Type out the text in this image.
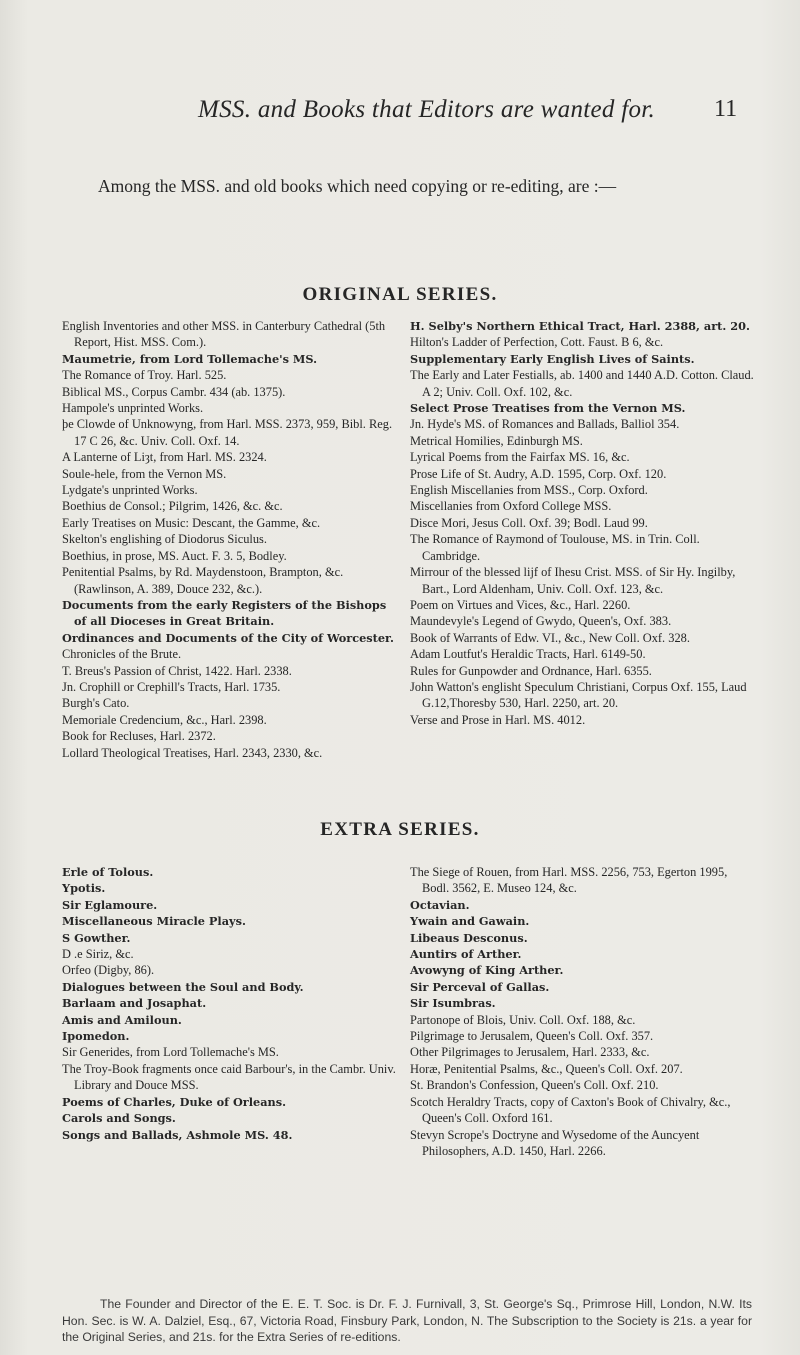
MSS. and Books that Editors are wanted for. 11
Among the MSS. and old books which need copying or re-editing, are :—
ORIGINAL SERIES.
English Inventories and other MSS. in Canterbury Cathedral (5th Report, Hist. MSS. Com.).
Maumetrie, from Lord Tollemache's MS.
The Romance of Troy. Harl. 525.
Biblical MS., Corpus Cambr. 434 (ab. 1375).
Hampole's unprinted Works.
þe Clowde of Unknowyng, from Harl. MSS. 2373, 959, Bibl. Reg. 17 C 26, &c. Univ. Coll. Oxf. 14.
A Lanterne of Liȝt, from Harl. MS. 2324.
Soule-hele, from the Vernon MS.
Lydgate's unprinted Works.
Boethius de Consol.; Pilgrim, 1426, &c. &c.
Early Treatises on Music: Descant, the Gamme, &c.
Skelton's englishing of Diodorus Siculus.
Boethius, in prose, MS. Auct. F. 3. 5, Bodley.
Penitential Psalms, by Rd. Maydenstoon, Brampton, &c. (Rawlinson, A. 389, Douce 232, &c.).
Documents from the early Registers of the Bishops of all Dioceses in Great Britain.
Ordinances and Documents of the City of Worcester.
Chronicles of the Brute.
T. Breus's Passion of Christ, 1422. Harl. 2338.
Jn. Crophill or Crephill's Tracts, Harl. 1735.
Burgh's Cato.
Memoriale Credencium, &c., Harl. 2398.
Book for Recluses, Harl. 2372.
Lollard Theological Treatises, Harl. 2343, 2330, &c.
H. Selby's Northern Ethical Tract, Harl. 2388, art. 20.
Hilton's Ladder of Perfection, Cott. Faust. B 6, &c.
Supplementary Early English Lives of Saints.
The Early and Later Festialls, ab. 1400 and 1440 A.D. Cotton. Claud. A 2; Univ. Coll. Oxf. 102, &c.
Select Prose Treatises from the Vernon MS.
Jn. Hyde's MS. of Romances and Ballads, Balliol 354.
Metrical Homilies, Edinburgh MS.
Lyrical Poems from the Fairfax MS. 16, &c.
Prose Life of St. Audry, A.D. 1595, Corp. Oxf. 120.
English Miscellanies from MSS., Corp. Oxford.
Miscellanies from Oxford College MSS.
Disce Mori, Jesus Coll. Oxf. 39; Bodl. Laud 99.
The Romance of Raymond of Toulouse, MS. in Trin. Coll. Cambridge.
Mirrour of the blessed lijf of Ihesu Crist. MSS. of Sir Hy. Ingilby, Bart., Lord Aldenham, Univ. Coll. Oxf. 123, &c.
Poem on Virtues and Vices, &c., Harl. 2260.
Maundevyle's Legend of Gwydo, Queen's, Oxf. 383.
Book of Warrants of Edw. VI., &c., New Coll. Oxf. 328.
Adam Loutfut's Heraldic Tracts, Harl. 6149-50.
Rules for Gunpowder and Ordnance, Harl. 6355.
John Watton's englisht Speculum Christiani, Corpus Oxf. 155, Laud G.12,Thoresby 530, Harl. 2250, art. 20.
Verse and Prose in Harl. MS. 4012.
EXTRA SERIES.
Erle of Tolous.
Ypotis.
Sir Eglamoure.
Miscellaneous Miracle Plays.
S Gowther.
D .e Siriz, &c.
Orfeo (Digby, 86).
Dialogues between the Soul and Body.
Barlaam and Josaphat.
Amis and Amiloun.
Ipomedon.
Sir Generides, from Lord Tollemache's MS.
The Troy-Book fragments once caid Barbour's, in the Cambr. Univ. Library and Douce MSS.
Poems of Charles, Duke of Orleans.
Carols and Songs.
Songs and Ballads, Ashmole MS. 48.
The Siege of Rouen, from Harl. MSS. 2256, 753, Egerton 1995, Bodl. 3562, E. Museo 124, &c.
Octavian.
Ywain and Gawain.
Libeaus Desconus.
Auntirs of Arther.
Avowyng of King Arther.
Sir Perceval of Gallas.
Sir Isumbras.
Partonope of Blois, Univ. Coll. Oxf. 188, &c.
Pilgrimage to Jerusalem, Queen's Coll. Oxf. 357.
Other Pilgrimages to Jerusalem, Harl. 2333, &c.
Horæ, Penitential Psalms, &c., Queen's Coll. Oxf. 207.
St. Brandon's Confession, Queen's Coll. Oxf. 210.
Scotch Heraldry Tracts, copy of Caxton's Book of Chivalry, &c., Queen's Coll. Oxford 161.
Stevyn Scrope's Doctryne and Wysedome of the Auncyent Philosophers, A.D. 1450, Harl. 2266.
The Founder and Director of the E. E. T. Soc. is Dr. F. J. Furnivall, 3, St. George's Sq., Primrose Hill, London, N.W. Its Hon. Sec. is W. A. Dalziel, Esq., 67, Victoria Road, Finsbury Park, London, N. The Subscription to the Society is 21s. a year for the Original Series, and 21s. for the Extra Series of re-editions.
